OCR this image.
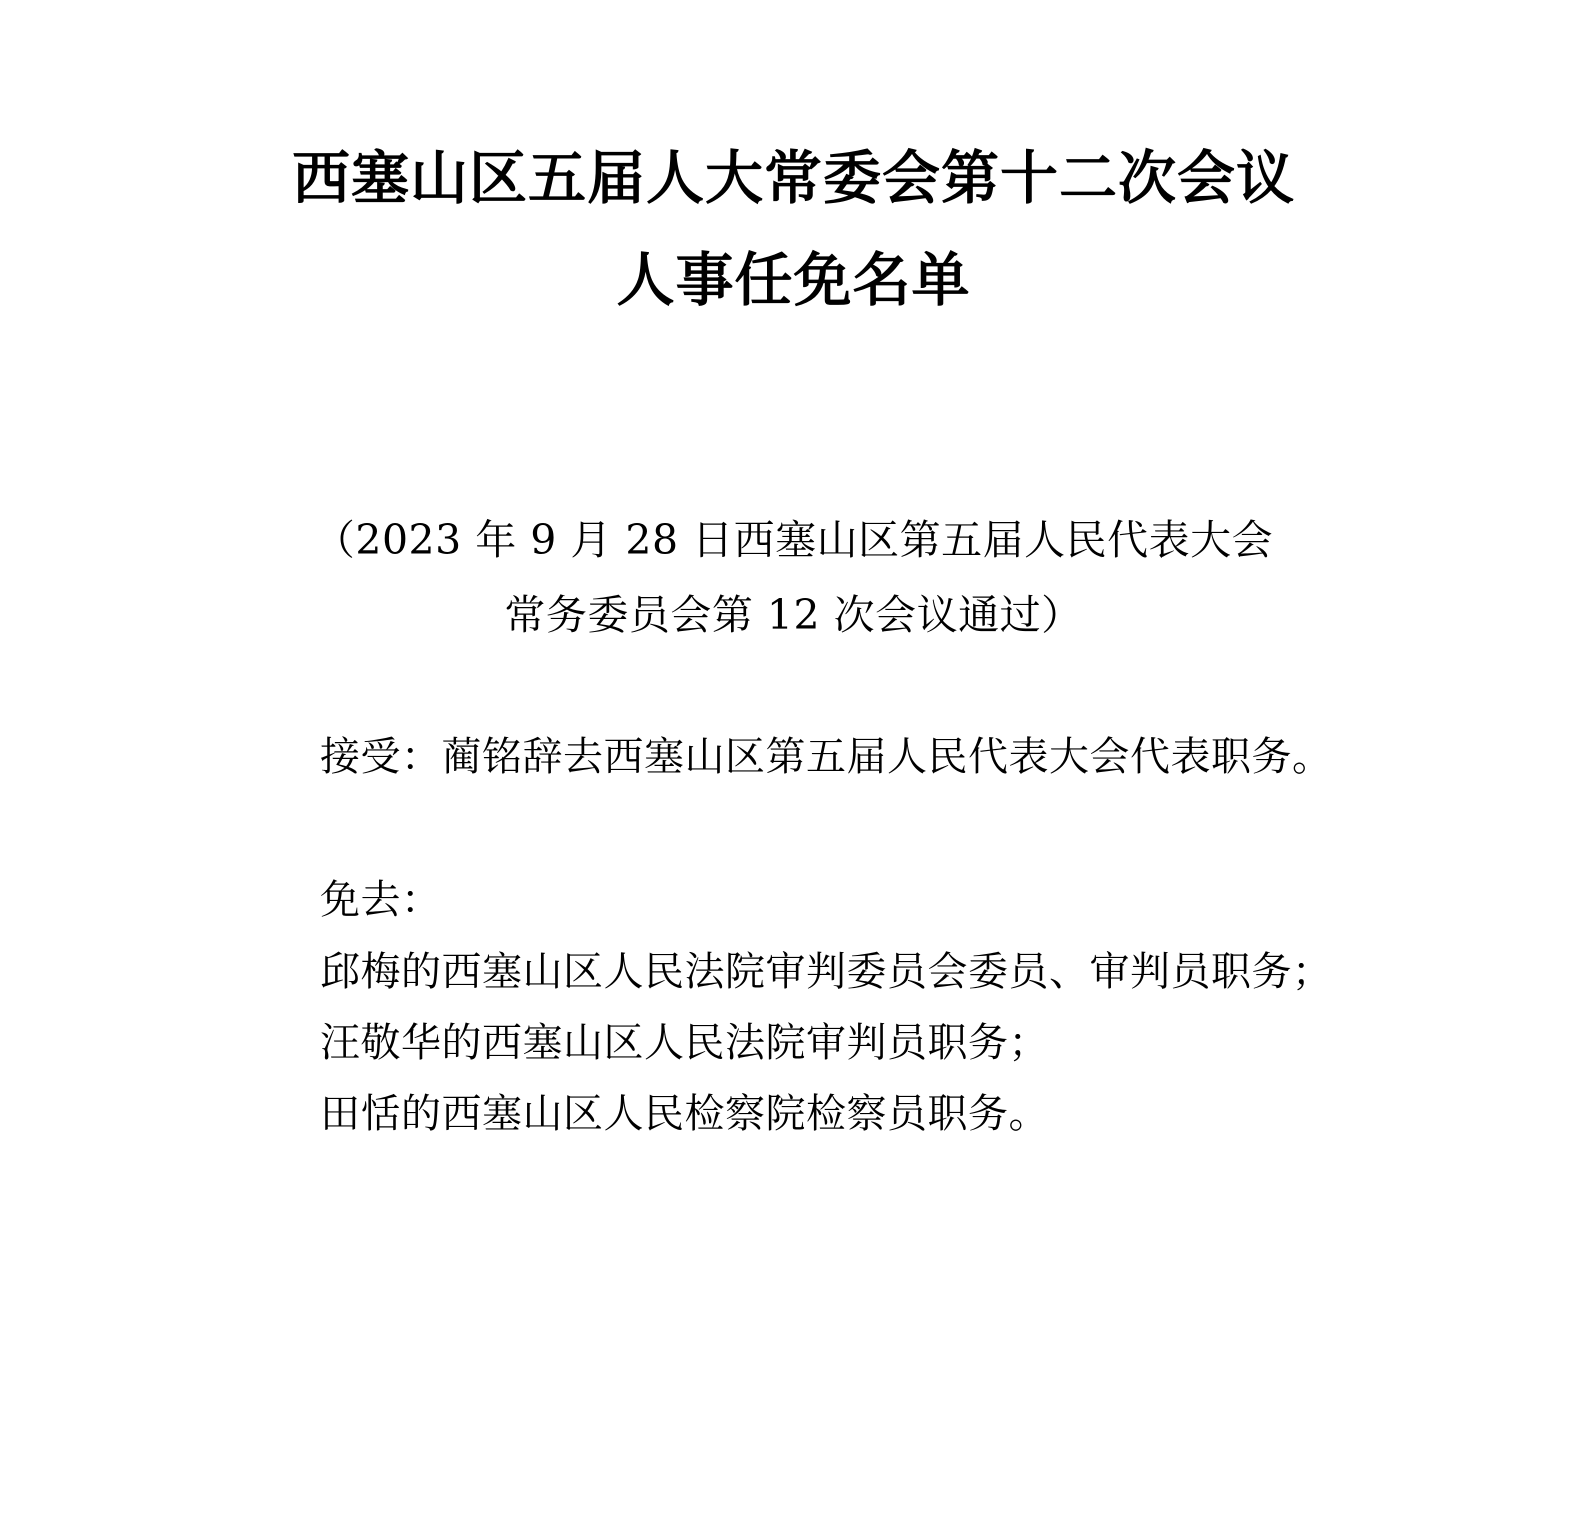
西塞山区五届人大常委会第十二次会议
人事任免名单
（2023 年 9 月 28 日西塞山区第五届人民代表大会
常务委员会第 12 次会议通过）
接受：蔺铭辞去西塞山区第五届人民代表大会代表职务。
免去：
邱梅的西塞山区人民法院审判委员会委员、审判员职务；
汪敬华的西塞山区人民法院审判员职务；
田恬的西塞山区人民检察院检察员职务。
